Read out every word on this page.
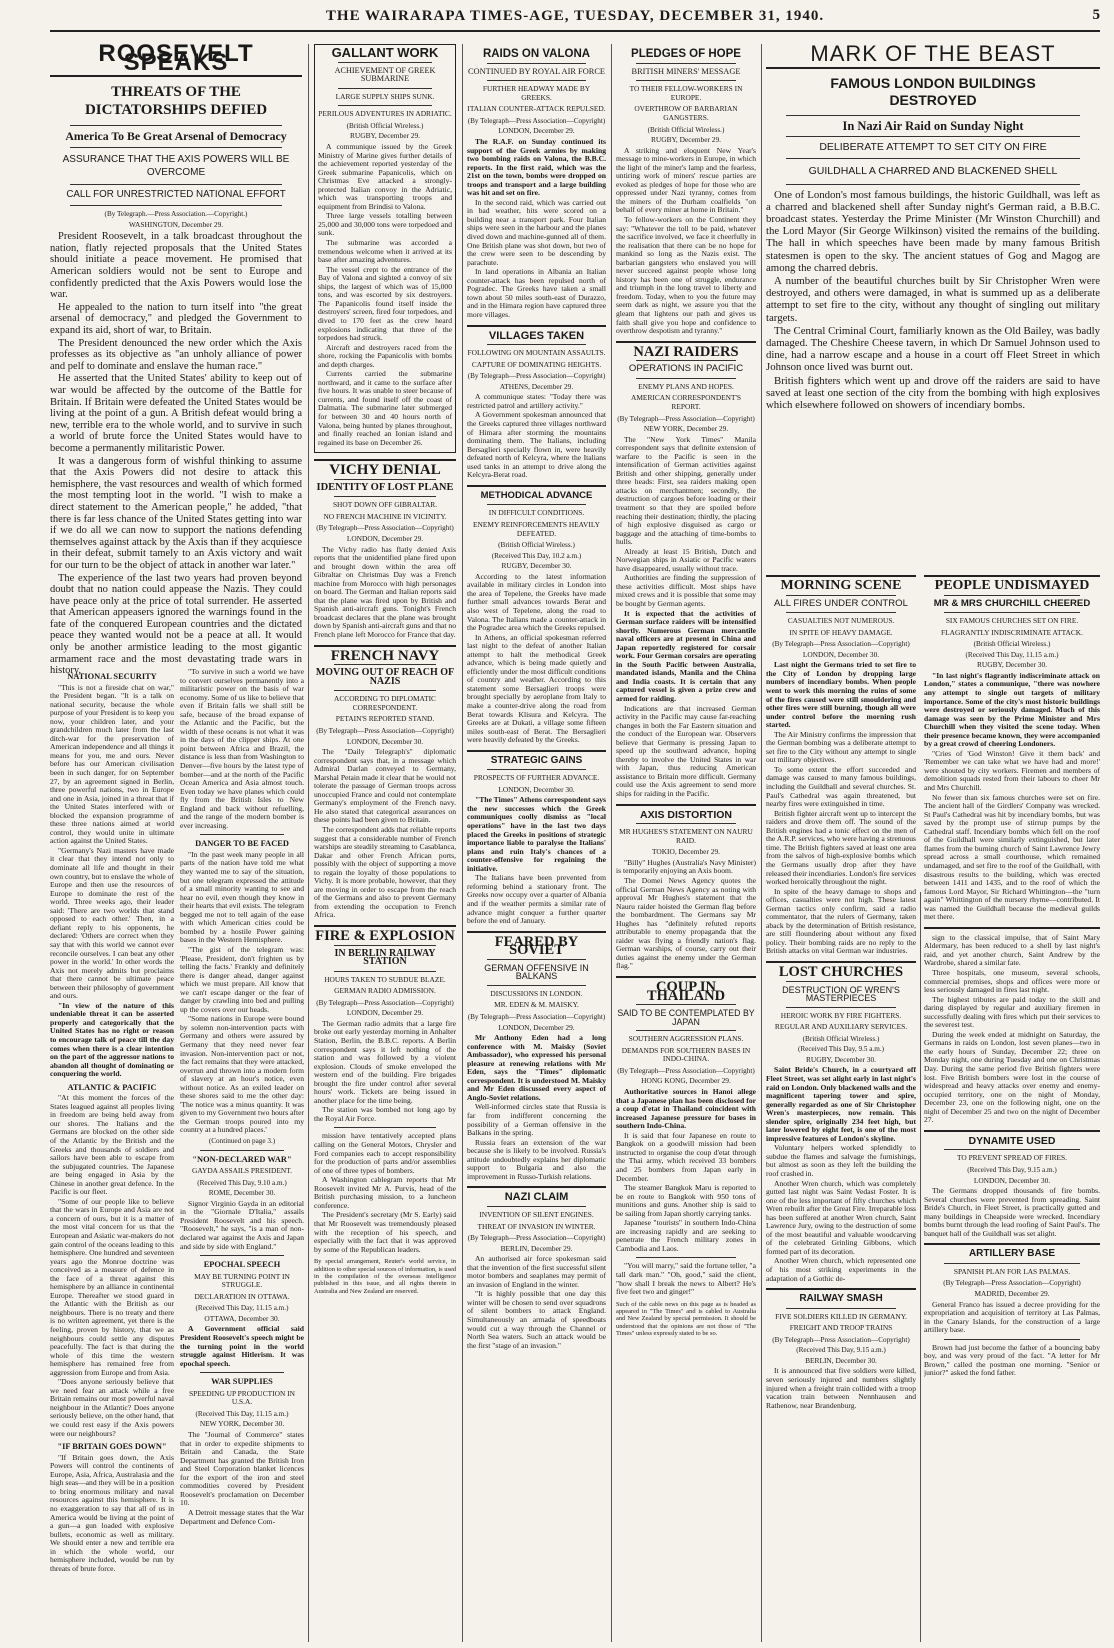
THE WAIRARAPA TIMES-AGE, TUESDAY, DECEMBER 31, 1940.	5
ROOSEVELT SPEAKS
THREATS OF THE DICTATORSHIPS DEFIED
America To Be Great Arsenal of Democracy
ASSURANCE THAT THE AXIS POWERS WILL BE OVERCOME
CALL FOR UNRESTRICTED NATIONAL EFFORT
(By Telegraph.—Press Association.—Copyright.)
WASHINGTON, December 29.

President Roosevelt, in a talk broadcast throughout the nation, flatly rejected proposals that the United States should initiate a peace movement. He promised that American soldiers would not be sent to Europe and confidently predicted that the Axis Powers would lose the war.

He appealed to the nation to turn itself into "the great arsenal of democracy," and pledged the Government to expand its aid, short of war, to Britain.

The President denounced the new order which the Axis professes as its objective as "an unholy alliance of power and pelf to dominate and enslave the human race."

He asserted that the United States' ability to keep out of war would be affected by the outcome of the Battle for Britain. If Britain were defeated the United States would be living at the point of a gun. A British defeat would bring a new, terrible era to the whole world, and to survive in such a world of brute force the United States would have to become a permanently militaristic Power.

It was a dangerous form of wishful thinking to assume that the Axis Powers did not desire to attack this hemisphere, the vast resources and wealth of which formed the most tempting loot in the world. "I wish to make a direct statement to the American people," he added, "that there is far less chance of the United States getting into war if we do all we can now to support the nations defending themselves against attack by the Axis than if they acquiesce in their defeat, submit tamely to an Axis victory and wait for our turn to be the object of attack in another war later."

The experience of the last two years had proven beyond doubt that no nation could appease the Nazis. They could have peace only at the price of total surrender. He asserted that American appeasers ignored the warnings found in the fate of the conquered European countries and the dictated peace they wanted would not be a peace at all. It would only be another armistice leading to the most gigantic armament race and the most devastating trade wars in history.

NATIONAL SECURITY

"This is not a fireside chat on war," the President began. "It is a talk on national security, because the whole purpose of your President is to keep you now, your children later, and your grandchildren much later from the last ditch-war for the preservation of American independence and all things it means for you, me and ours. Never before has our American civilisation been in such danger, for on September 27, by an agreement signed in Berlin, three powerful nations, two in Europe and one in Asia, joined in a threat that if the United States interfered with or blocked the expansion programme of these three nations aimed at world control, they would unite in ultimate action against the United States.

"Germany's Nazi masters have made it clear that they intend not only to dominate all life and thought in their own country, but to enslave the whole of Europe and then use the resources of Europe to dominate the rest of the world. Three weeks ago, their leader said: 'There are two worlds that stand opposed to each other.' Then, in a defiant reply to his opponents, he declared: 'Others are correct when they say that with this world we cannot ever reconcile ourselves. I can beat any other power in the world.' In other words the Axis not merely admits but proclaims that there cannot be ultimate peace between their philosophy of government and ours.

"In view of the nature of this undeniable threat it can be asserted properly and categorically that the United States has no right or reason to encourage talk of peace till the day comes when there is a clear intention on the part of the aggressor nations to abandon all thought of dominating or conquering the world.

ATLANTIC & PACIFIC

"At this moment the forces of the States leagued against all peoples living in freedom are being held away from our shores. The Italians and the Germans are blocked on the other side of the Atlantic by the British and the Greeks and thousands of soldiers and sailors have been able to escape from the subjugated countries. The Japanese are being engaged in Asia by the Chinese in another great defence. In the Pacific is our fleet.

"Some of our people like to believe that the wars in Europe and Asia are not a concern of ours, but it is a matter of the most vital concern for us that the European and Asiatic war-makers do not gain control of the oceans leading to this hemisphere. One hundred and seventeen years ago the Monroe doctrine was conceived as a measure of defence in the face of a threat against this hemisphere by an alliance in continental Europe. Thereafter we stood guard in the Atlantic with the British as our neighbours. There is no treaty and there is no written agreement, yet there is the feeling, proven by history, that we as neighbours could settle any disputes peacefully. The fact is that during the whole of this time the western hemisphere has remained free from aggression from Europe and from Asia.

"Does anyone seriously believe that we need fear an attack while a free Britain remains our most powerful naval neighbour in the Atlantic? Does anyone seriously believe, on the other hand, that we could rest easy if the Axis powers were our neighbours?

"IF BRITAIN GOES DOWN"

"If Britain goes down, the Axis Powers will control the continents of Europe, Asia, Africa, Australasia and the high seas—and they will be in a position to bring enormous military and naval resources against this hemisphere. It is no exaggeration to say that all of us in America would be living at the point of a gun—a gun loaded with explosive bullets, economic as well as military. We should enter a new and terrible era in which the whole world, our hemisphere included, would be run by threats of brute force.

"To survive in such a world we have to convert ourselves permanently into a militaristic power on the basis of war economy. Some of us like to believe that even if Britain falls we shall still be safe, because of the broad expanse of the Atlantic and the Pacific, but the width of these oceans is not what it was in the days of the clipper ships. At one point between Africa and Brazil, the distance is less than from Washington to Denver—five hours by the latest type of bomber—and at the north of the Pacific Ocean America and Asia almost touch. Even today we have planes which could fly from the British Isles to New England and back without refuelling, and the range of the modern bomber is ever increasing.

DANGER TO BE FACED

"In the past week many people in all parts of the nation have told me what they wanted me to say of the situation, but one telegram expressed the attitude of a small minority wanting to see and hear no evil, even though they know in their hearts that evil exists. The telegram begged me not to tell again of the ease with which American cities could be bombed by a hostile Power gaining bases in the Western Hemisphere.

"The gist of the telegram was: 'Please, President, don't frighten us by telling the facts.' Frankly and definitely there is danger ahead, danger against which we must prepare. All know that we can't escape danger or the fear of danger by crawling into bed and pulling up the covers over our heads.

"Some nations in Europe were bound by solemn non-intervention pacts with Germany and others were assured by Germany that they need never fear invasion. Non-intervention pact or not, the fact remains that they were attacked, overrun and thrown into a modern form of slavery at an hour's notice, even without notice. As an exiled leader on these shores said to me the other day: 'The notice was a minus quantity. It was given to my Government two hours after the German troops poured into my country at a hundred places.'

(Continued on page 3.)
"NON-DECLARED WAR"
GAYDA ASSAILS PRESIDENT.
(Received This Day, 9.10 a.m.)
ROME, December 30.

Signor Virginio Gayda in an editorial in the "Giornale D'Italia," assails President Roosevelt and his speech. "Roosevelt," he says, "is a man of non-declared war against the Axis and Japan and side by side with England."

EPOCHAL SPEECH
MAY BE TURNING POINT IN STRUGGLE.
DECLARATION IN OTTAWA.
(Received This Day, 11.15 a.m.)
OTTAWA, December 30.

A Government official said President Roosevelt's speech might be the turning point in the world struggle against Hitlerism. It was epochal speech.

WAR SUPPLIES
SPEEDING UP PRODUCTION IN U.S.A.
(Received This Day, 11.15 a.m.)
NEW YORK, December 30.

The "Journal of Commerce" states that in order to expedite shipments to Britain and Canada, the State Department has granted the British Iron and Steel Corporation blanket licences for the export of the iron and steel commodities covered by President Roosevelt's proclamation on December 10.

A Detroit message states that the War Department and Defence Com-

GALLANT WORK
ACHIEVEMENT OF GREEK SUBMARINE
LARGE SUPPLY SHIPS SUNK.
PERILOUS ADVENTURES IN ADRIATIC.
(British Official Wireless.)
RUGBY, December 29.

A communique issued by the Greek Ministry of Marine gives further details of the achievement reported yesterday of the Greek submarine Papanicolis, which on Christmas Eve attacked a strongly-protected Italian convoy in the Adriatic, which was transporting troops and equipment from Brindisi to Valona.

Three large vessels totalling between 25,000 and 30,000 tons were torpedoed and sunk.

The submarine was accorded a tremendous welcome when it arrived at its base after amazing adventures.

The vessel crept to the entrance of the Bay of Valona and sighted a convoy of six ships, the largest of which was of 15,000 tons, and was escorted by six destroyers. The Papanicolis found itself inside the destroyers' screen, fired four torpedoes, and dived to 170 feet as the crew heard explosions indicating that three of the torpedoes had struck.

Aircraft and destroyers raced from the shore, rocking the Papanicolis with bombs and depth charges.

Currents carried the submarine northward, and it came to the surface after five hours. It was unable to steer because of currents, and found itself off the coast of Dalmatia. The submarine later submerged for between 30 and 40 hours north of Valona, being hunted by planes throughout, and finally reached an Ionian island and regained its base on December 26.

VICHY DENIAL
IDENTITY OF LOST PLANE
SHOT DOWN OFF GIBRALTAR.
NO FRENCH MACHINE IN VICINITY.
(By Telegraph—Press Association—Copyright)
LONDON, December 29.

The Vichy radio has flatly denied Axis reports that the unidentified plane fired upon and brought down within the area off Gibraltar on Christmas Day was a French machine from Morocco with high personages on board. The German and Italian reports said that the plane was fired upon by British and Spanish anti-aircraft guns. Tonight's French broadcast declares that the plane was brought down by Spanish anti-aircraft guns and that no French plane left Morocco for France that day.

FRENCH NAVY
MOVING OUT OF REACH OF NAZIS
ACCORDING TO DIPLOMATIC CORRESPONDENT.
PETAIN'S REPORTED STAND.
(By Telegraph—Press Association—Copyright)
LONDON, December 30.

The "Daily Telegraph's" diplomatic correspondent says that, in a message which Admiral Darlan conveyed to Germany, Marshal Petain made it clear that he would not tolerate the passage of German troops across unoccupied France and could not contemplate Germany's employment of the French navy. He also stated that categorical assurances on these points had been given to Britain.

The correspondent adds that reliable reports suggest that a considerable number of French warships are steadily streaming to Casablanca, Dakar and other French African ports, possibly with the object of supporting a move to regain the loyalty of those populations to Vichy. It is more probable, however, that they are moving in order to escape from the reach of the Germans and also to prevent Germany from extending the occupation to French Africa.

FIRE & EXPLOSION
IN BERLIN RAILWAY STATION
HOURS TAKEN TO SUBDUE BLAZE.
GERMAN RADIO ADMISSION.
(By Telegraph—Press Association—Copyright)
LONDON, December 29.

The German radio admits that a large fire broke out early yesterday morning in Anhalter Station, Berlin, the B.B.C. reports. A Berlin correspondent says it left nothing of the station and was followed by a violent explosion. Clouds of smoke enveloped the western end of the building. Fire brigades brought the fire under control after several hours' work. Tickets are being issued in another place for the time being.

The station was bombed not long ago by the Royal Air Force.

mission have tentatively accepted plans calling on the General Motors, Chrysler and Ford companies each to accept responsibility for the production of parts and/or assemblies of one of three types of bombers.

A Washington cablegram reports that Mr Roosevelt invited Mr A. Purvis, head of the British purchasing mission, to a luncheon conference.

The President's secretary (Mr S. Early) said that Mr Roosevelt was tremendously pleased with the reception of his speech, and especially with the fact that it was approved by some of the Republican leaders.

By special arrangement, Reuter's world service, in addition to other special sources of information, is used in the compilation of the overseas intelligence published in this issue, and all rights therein in Australia and New Zealand are reserved.
RAIDS ON VALONA
CONTINUED BY ROYAL AIR FORCE
FURTHER HEADWAY MADE BY GREEKS.
ITALIAN COUNTER-ATTACK REPULSED.
(By Telegraph—Press Association—Copyright)
LONDON, December 29.

The R.A.F. on Sunday continued its support of the Greek armies by making two bombing raids on Valona, the B.B.C. reports. In the first raid, which was the 21st on the town, bombs were dropped on troops and transport and a large building was hit and set on fire.

In the second raid, which was carried out in bad weather, hits were scored on a building near a transport park. Four Italian ships were seen in the harbour and the planes dived down and machine-gunned all of them. One British plane was shot down, but two of the crew were seen to be descending by parachute.

In land operations in Albania an Italian counter-attack has been repulsed north of Pogradec. The Greeks have taken a small town about 50 miles south-east of Durazzo, and in the Himara region have captured three more villages.

VILLAGES TAKEN
FOLLOWING ON MOUNTAIN ASSAULTS.
CAPTURE OF DOMINATING HEIGHTS.
(By Telegraph—Press Association—Copyright)
ATHENS, December 29.

A communique states: "Today there was restricted patrol and artillery activity."

A Government spokesman announced that the Greeks captured three villages northward of Himara after storming the mountains dominating them. The Italians, including Bersaglieri specially flown in, were heavily defeated north of Kelcyra, where the Italians used tanks in an attempt to drive along the Kelcyra-Berat road.

METHODICAL ADVANCE
IN DIFFICULT CONDITIONS.
ENEMY REINFORCEMENTS HEAVILY DEFEATED.
(British Official Wireless.)
(Received This Day, 10.2 a.m.)
RUGBY, December 30.

According to the latest information available in military circles in London into the area of Tepelene, the Greeks have made further small advances towards Berat and also west of Tepelene, along the road to Valona. The Italians made a counter-attack in the Pogradec area which the Greeks repulsed.

In Athens, an official spokesman referred last night to the defeat of another Italian attempt to halt the methodical Greek advance, which is being made quietly and efficiently under the most difficult conditions of country and weather. According to this statement some Bersaglieri troops were brought specially by aeroplane from Italy to make a counter-drive along the road from Berat towards Klisura and Kelcyra. The Greeks are at Dukati, a village some fifteen miles south-east of Berat. The Bersaglieri were heavily defeated by the Greeks.

STRATEGIC GAINS
PROSPECTS OF FURTHER ADVANCE.
LONDON, December 30.

"The Times" Athens correspondent says the new successes which the Greek communiques coolly dismiss as "local operations" have in the last two days placed the Greeks in positions of strategic importance liable to paralyse the Italians' plans and ruin Italy's chances of a counter-offensive for regaining the initiative.

The Italians have been prevented from reforming behind a stationary front. The Greeks now occupy over a quarter of Albania and if the weather permits a similar rate of advance might conquer a further quarter before the end of January.

FEARED BY SOVIET
GERMAN OFFENSIVE IN BALKANS
DISCUSSIONS IN LONDON.
MR. EDEN & M. MAISKY.
(By Telegraph—Press Association—Copyright)
LONDON, December 29.

Mr Anthony Eden had a long conference with M. Maisky (Soviet Ambassador), who expressed his personal pleasure at renewing relations with Mr Eden, says the "Times" diplomatic correspondent. It is understood M. Maisky and Mr Eden discussed every aspect of Anglo-Soviet relations.

Well-informed circles state that Russia is far from indifferent concerning the possibility of a German offensive in the Balkans in the spring.

Russia fears an extension of the war because she is likely to be involved. Russia's attitude undoubtedly explains her diplomatic support to Bulgaria and also the improvement in Russo-Turkish relations.

NAZI CLAIM
INVENTION OF SILENT ENGINES.
THREAT OF INVASION IN WINTER.
(By Telegraph—Press Association—Copyright)
BERLIN, December 29.

An authorised air force spokesman said that the invention of the first successful silent motor bombers and seaplanes may permit of an invasion of England in the winter.

"It is highly possible that one day this winter will be chosen to send over squadrons of silent bombers to attack England. Simultaneously an armada of speedboats would cut a way through the Channel or North Sea waters. Such an attack would be the first "stage of an invasion."

PLEDGES OF HOPE
BRITISH MINERS' MESSAGE
TO THEIR FELLOW-WORKERS IN EUROPE.
OVERTHROW OF BARBARIAN GANGSTERS.
(British Official Wireless.)
RUGBY, December 29.

A striking and eloquent New Year's message to mine-workers in Europe, in which the light of the miner's lamp and the fearless, untiring work of miners' rescue parties are evoked as pledges of hope for those who are oppressed under Nazi tyranny, comes from the miners of the Durham coalfields "on behalf of every miner at home in Britain."

To fellow-workers on the Continent they say: "Whatever the toll to be paid, whatever the sacrifice involved, we face it cheerfully in the realisation that there can be no hope for mankind so long as the Nazis exist. The barbarian gangsters who enslaved you will never succeed against people whose long history has been one of struggle, endurance and triumph in the long travel to liberty and freedom. Today, when to you the future may seem dark as night, we assure you that the gleam that lightens our path and gives us faith shall give you hope and confidence to overthrow despotism and tyranny."

NAZI RAIDERS
OPERATIONS IN PACIFIC
ENEMY PLANS AND HOPES.
AMERICAN CORRESPONDENT'S REPORT.
(By Telegraph—Press Association—Copyright)
NEW YORK, December 29.

The "New York Times" Manila correspondent says that definite extension of warfare to the Pacific is seen in the intensification of German activities against British and other shipping, generally under three heads: First, sea raiders making open attacks on merchantmen; secondly, the destruction of cargoes before loading or their treatment so that they are spoiled before reaching their destination; thirdly, the placing of high explosive disguised as cargo or baggage and the attaching of time-bombs to hulls.

Already at least 15 British, Dutch and Norwegian ships in Asiatic or Pacific waters have disappeared, usually without trace.

Authorities are finding the suppression of these activities difficult. Most ships have mixed crews and it is possible that some may be bought by German agents.

It is expected that the activities of German surface raiders will be intensified shortly. Numerous German mercantile naval officers are at present in China and Japan reportedly registered for corsair work. Four German corsairs are operating in the South Pacific between Australia, mandated islands, Manila and the China and India coasts. It is certain that any captured vessel is given a prize crew and armed for raiding.

Indications are that increased German activity in the Pacific may cause far-reaching changes in both the Far Eastern situation and the conduct of the European war. Observers believe that Germany is pressing Japan to speed up the southward advance, hoping thereby to involve the United States in war with Japan, thus reducing American assistance to Britain more difficult. Germany could use the Axis agreement to send more ships for raiding in the Pacific.

AXIS DISTORTION
MR HUGHES'S STATEMENT ON NAURU RAID.
TOKIO, December 29.

"Billy" Hughes (Australia's Navy Minister) is temporarily enjoying an Axis boom.

The Domei News Agency quotes the official German News Agency as noting with approval Mr Hughes's statement that the Nauru raider hoisted the German flag before the bombardment. The Germans say Mr Hughes has "definitely refuted reports attributable to enemy propaganda that the raider was flying a friendly nation's flag. German warships, of course, carry out their duties against the enemy under the German flag."

COUP IN THAILAND
SAID TO BE CONTEMPLATED BY JAPAN
SOUTHERN AGGRESSION PLANS.
DEMANDS FOR SOUTHERN BASES IN INDO-CHINA.
(By Telegraph—Press Association—Copyright)
HONG KONG, December 29.

Authoritative sources in Hanoi allege that a Japanese plan has been disclosed for a coup d'etat in Thailand coincident with increased Japanese pressure for bases in southern Indo-China.

It is said that four Japanese en route to Bangkok on a goodwill mission had been instructed to organise the coup d'etat through the Thai army, which received 33 bombers and 25 bombers from Japan early in December.

The steamer Bangkok Maru is reported to be en route to Bangkok with 950 tons of munitions and guns. Another ship is said to be sailing from Japan shortly carrying tanks.

Japanese "tourists" in southern Indo-China are increasing rapidly and are seeking to penetrate the French military zones in Cambodia and Laos.

"You will marry," said the fortune teller, "a tall dark man." "Oh, good," said the client, "how shall I break the news to Albert? He's five feet two and ginger!"

Such of the cable news on this page as is headed as appeared in "The Times" and is cabled to Australia and New Zealand by special permission. It should be understood that the opinions are not those of "The Times" unless expressly stated to be so.
MARK OF THE BEAST
FAMOUS LONDON BUILDINGS DESTROYED
In Nazi Air Raid on Sunday Night
DELIBERATE ATTEMPT TO SET CITY ON FIRE
GUILDHALL A CHARRED AND BLACKENED SHELL

One of London's most famous buildings, the historic Guildhall, was left as a charred and blackened shell after Sunday night's German raid, a B.B.C. broadcast states. Yesterday the Prime Minister (Mr Winston Churchill) and the Lord Mayor (Sir George Wilkinson) visited the remains of the building. The hall in which speeches have been made by many famous British statesmen is open to the sky. The ancient statues of Gog and Magog are among the charred debris.

A number of the beautiful churches built by Sir Christopher Wren were destroyed, and others were damaged, in what is summed up as a deliberate attempt to set fire to the city, without any thought of singling out military targets.

The Central Criminal Court, familiarly known as the Old Bailey, was badly damaged. The Cheshire Cheese tavern, in which Dr Samuel Johnson used to dine, had a narrow escape and a house in a court off Fleet Street in which Johnson once lived was burnt out.

British fighters which went up and drove off the raiders are said to have saved at least one section of the city from the bombing with high explosives which elsewhere followed on showers of incendiary bombs.

MORNING SCENE
ALL FIRES UNDER CONTROL
CASUALTIES NOT NUMEROUS.
IN SPITE OF HEAVY DAMAGE.
(By Telegraph—Press Association—Copyright)
LONDON, December 30.

Last night the Germans tried to set fire to the City of London by dropping large numbers of incendiary bombs. When people went to work this morning the ruins of some of the fires caused were still smouldering and other fires were still burning, though all were under control before the morning rush started.

The Air Ministry confirms the impression that the German bombing was a deliberate attempt to set fire to the City without any attempt to single out military objectives.

To some extent the effort succeeded and damage was caused to many famous buildings, including the Guildhall and several churches. St. Paul's Cathedral was again threatened, but nearby fires were extinguished in time.

British fighter aircraft went up to intercept the raiders and drove them off. The sound of the British engines had a tonic effect on the men of the A.R.P. services, who were having a strenuous time. The British fighters saved at least one area from the salvos of high-explosive bombs which the Germans usually drop after they have released their incendiaries. London's fire services worked heroically throughout the night.

In spite of the heavy damage to shops and offices, casualties were not high. These latest German tactics only confirm, said a radio commentator, that the rulers of Germany, taken aback by the determination of British resistance, are still floundering about without any fixed policy. Their bombing raids are no reply to the British attacks on vital German war industries.

LOST CHURCHES
DESTRUCTION OF WREN'S MASTERPIECES
HEROIC WORK BY FIRE FIGHTERS.
REGULAR AND AUXILIARY SERVICES.
(British Official Wireless.)
(Received This Day, 9.5 a.m.)
RUGBY, December 30.

Saint Bride's Church, in a courtyard off Fleet Street, was set alight early in last night's raid on London. Only blackened walls and the magnificent tapering tower and spire, generally regarded as one of Sir Christopher Wren's masterpieces, now remain. This slender spire, originally 234 feet high, but later lowered by eight feet, is one of the most impressive features of London's skyline.

Voluntary helpers worked splendidly to subdue the flames and salvage the furnishings, but almost as soon as they left the building the roof crashed in.

Another Wren church, which was completely gutted last night was Saint Vedast Foster. It is one of the less important of fifty churches which Wren rebuilt after the Great Fire. Irreparable loss has been suffered at another Wren church, Saint Lawrence Jury, owing to the destruction of some of the most beautiful and valuable woodcarving of the celebrated Grinling Gibbons, which formed part of its decoration.

Another Wren church, which represented one of his most striking experiments in the adaptation of a Gothic de-

RAILWAY SMASH
FIVE SOLDIERS KILLED IN GERMANY.
FREIGHT AND TROOP TRAINS
(By Telegraph—Press Association—Copyright)
(Received This Day, 9.15 a.m.)
BERLIN, December 30.

It is announced that five soldiers were killed, seven seriously injured and numbers slightly injured when a freight train collided with a troop vacation train between Nennhausen and Rathenow, near Brandenburg.

PEOPLE UNDISMAYED
MR & MRS CHURCHILL CHEERED
SIX FAMOUS CHURCHES SET ON FIRE.
FLAGRANTLY INDISCRIMINATE ATTACK.
(British Official Wireless.)
(Received This Day, 11.15 a.m.)
RUGBY, December 30.

"In last night's flagrantly indiscriminate attack on London," states a communique, "there was nowhere any attempt to single out targets of military importance. Some of the city's most historic buildings were destroyed or seriously damaged. Much of this damage was seen by the Prime Minister and Mrs Churchill when they visited the scene today. When their presence became known, they were accompanied by a great crowd of cheering Londoners.

"Cries of 'God Winston! Give it them back' and 'Remember we can take what we have had and more!' were shouted by city workers. Firemen and members of demolition squads rested from their labours to cheer Mr and Mrs Churchill.

No fewer than six famous churches were set on fire. The ancient hall of the Girdlers' Company was wrecked. St Paul's Cathedral was hit by incendiary bombs, but was saved by the prompt use of stirrup pumps by the Cathedral staff. Incendiary bombs which fell on the roof of the Guildhall were similarly extinguished, but later flames from the burning church of Saint Lawrence Jewry spread across a small courthouse, which remained undamaged, and set fire to the roof of the Guildhall, with disastrous results to the building, which was erected between 1411 and 1435, and to the roof of which the famous Lord Mayor, Sir Richard Whittington—the "turn again" Whittington of the nursery rhyme—contributed. It was named the Guildhall because the medieval guilds met there.

sign to the classical impulse, that of Saint Mary Aldermary, has been reduced to a shell by last night's raid, and yet another church, Saint Andrew by the Wardrobe, shared a similar fate.

Three hospitals, one museum, several schools, commercial premises, shops and offices were more or less seriously damaged in fires last night.

The highest tributes are paid today to the skill and daring displayed by regular and auxiliary firemen in successfully dealing with fires which put their services to the severest test.

During the week ended at midnight on Saturday, the Germans in raids on London, lost seven planes—two in the early hours of Sunday, December 22; three on Monday night, one during Tuesday and one on Christmas Day. During the same period five British fighters were lost. Five British bombers were lost in the course of widespread and heavy attacks over enemy and enemy-occupied territory, one on the night of Monday, December 23, one on the following night, one on the night of December 25 and two on the night of December 27.

DYNAMITE USED
TO PREVENT SPREAD OF FIRES.
(Received This Day, 9.15 a.m.)
LONDON, December 30.

The Germans dropped thousands of fire bombs. Several churches were prevented from spreading. Saint Bride's Church, in Fleet Street, is practically gutted and many buildings in Cheapside were wrecked. Incendiary bombs burnt through the lead roofing of Saint Paul's. The banquet hall of the Guildhall was set alight.

ARTILLERY BASE
SPANISH PLAN FOR LAS PALMAS.
(By Telegraph—Press Association—Copyright)
MADRID, December 29.

General Franco has issued a decree providing for the expropriation and acquisition of territory at Las Palmas, in the Canary Islands, for the construction of a large artillery base.

Brown had just become the father of a bouncing baby boy, and was very proud of the fact. "A letter for Mr Brown," called the postman one morning. "Senior or junior?" asked the fond father.
